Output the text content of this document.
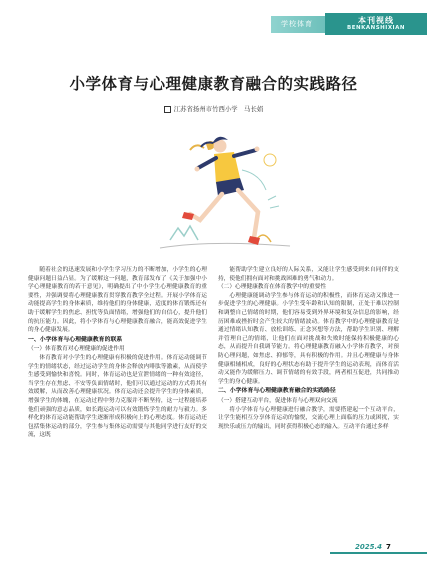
学校体育	本刊视线
BENKANSHIXIAN
小学体育与心理健康教育融合的实践路径
江苏省扬州市竹西小学　马长娟

随着社会的迅速发展和小学生学习压力的不断增加，小学生的心理健康问题日益凸显。为了缓解这一问题，教育部发布了《关于加强中小学心理健康教育的若干意见》，明确提出了中小学生心理健康教育的重要性，并强调要将心理健康教育贯穿教育教学全过程。开展小学体育运动能提高学生的身体素质，维持他们的身体健康，适度的体育锻炼还有助于缓解学生的焦虑、担忧等负面情绪，增强他们的自信心，提升他们的抗压能力。因此，将小学体育与心理健康教育融合，能高效促进学生的身心健康发展。

一、小学体育与心理健康教育的联系
（一）体育教育对心理健康的促进作用

体育教育对小学生的心理健康有积极的促进作用。体育运动能调节学生的情绪状态，经过运动学生的身体会释放内啡肽等激素，从而使学生感受到愉快和喜悦。同时，体育运动也是宣泄情绪的一种有效途径，当学生存在焦虑、不安等负面情绪时，他们可以通过运动的方式将其有效缓解，从而改善心理健康状况。体育运动还会提升学生的身体素质，增强学生的体魄，在运动过程中努力克服并不断坚持，这一过程能培养他们顽强的意志品质，如长跑运动可以有效锻炼学生的耐力与毅力。多样化的体育运动能帮助学生逐渐形成积极向上的心理态度。体育运动还包括集体运动的部分，学生参与集体运动需要与其他同学进行友好的交流，这既

能帮助学生建立良好的人际关系，又能让学生感受到来自同伴的支持，使他们拥有面对和挑战困难的勇气和动力。

（二）心理健康教育在体育教学中的重要性

心理健康能调动学生参与体育运动的积极性，而体育运动又推进一步促进学生的心理健康。小学生受年龄和认知的限制，正处于难以控制和调整自己情绪的时期，他们容易受到外界环境和复杂信息的影响，经历困难或挫折时会产生较大的情绪波动。体育教学中的心理健康教育是通过情绪认知教育、放松训练、正念冥想等方法，帮助学生识别、理解并管理自己的情绪，让他们在面对挑战和失败时能保持积极健康的心态，从而提升自我调节能力。将心理健康教育融入小学体育教学，对预防心理问题，如焦虑、抑郁等，具有积极的作用。并且心理健康与身体健康相辅相成，良好的心理状态有助于提升学生的运动表现，而体育活动又能作为缓解压力、调节情绪的有效手段，两者相互促进，共同推动学生的身心健康。

二、小学体育与心理健康教育融合的实践路径
（一）搭建互动平台，促进体育与心理双向交流

将小学体育与心理健康进行融合教学，需要搭建起一个互动平台，让学生能相互分享体育运动的愉悦，交流心理上面临的压力或困扰，实现快乐或压力的输出，同时获得积极心态的输入。互动平台通过多样

2025.4 7
